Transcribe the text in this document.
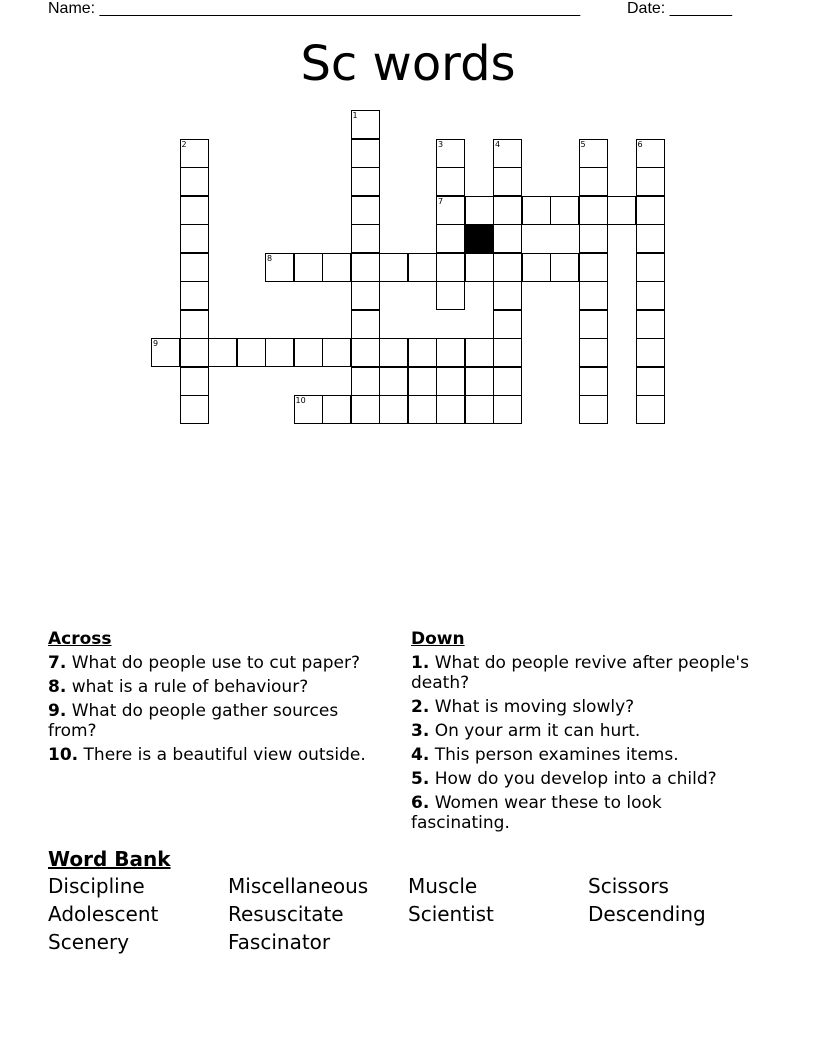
Name: ______________________________________________________	Date: _______
Sc words
1
2	3	4	5	6
7
8
9
10
Across
7. What do people use to cut paper?
8. what is a rule of behaviour?
9. What do people gather sources from?
10. There is a beautiful view outside.
Down
1. What do people revive after people's death?
2. What is moving slowly?
3. On your arm it can hurt.
4. This person examines items.
5. How do you develop into a child?
6. Women wear these to look fascinating.
Word Bank
Discipline	Miscellaneous	Muscle	Scissors
Adolescent	Resuscitate	Scientist	Descending
Scenery	Fascinator
